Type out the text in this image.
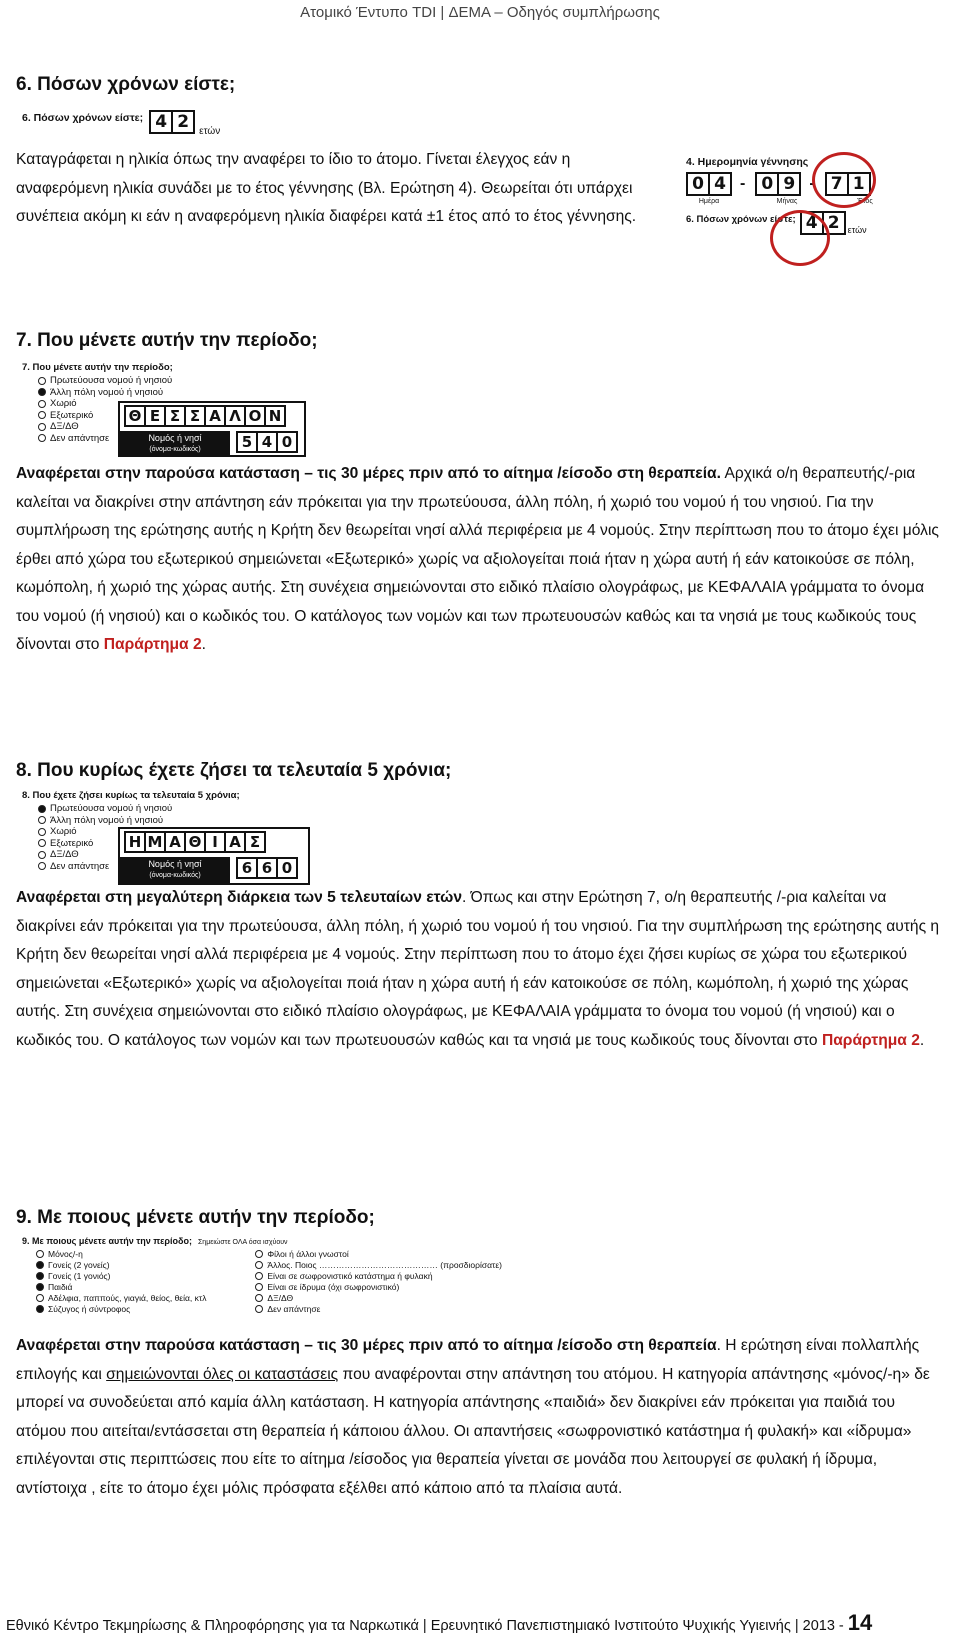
Ατομικό Έντυπο TDI | ΔΕΜΑ – Οδηγός συμπλήρωσης
6. Πόσων χρόνων είστε;
6. Πόσων χρόνων είστε; 4 2	ετών
Καταγράφεται η ηλικία όπως την αναφέρει το ίδιο το άτομο. Γίνεται έλεγχος εάν η αναφερόμενη ηλικία συνάδει με το έτος γέννησης (Βλ. Ερώτηση 4). Θεωρείται ότι υπάρχει συνέπεια ακόμη κι εάν η αναφερόμενη ηλικία διαφέρει κατά ±1 έτος από το έτος γέννησης.
4. Ημερομηνία γέννησης
0 4 - 0 9 - 7 1
Ημέρα	Μήνας	Έτος
6. Πόσων χρόνων είστε; 4 2 ετών
7. Που μένετε αυτήν την περίοδο;
7. Που μένετε αυτήν την περίοδο;
Πρωτεύουσα νομού ή νησιού
Άλλη πόλη νομού ή νησιού
Χωριό
Εξωτερικό
ΔΞ/ΔΘ
Δεν απάντησε
Θ Ε Σ Σ Α Λ Ο Ν
Νομός ή νησί
(όνομα-κωδικός)	5 4 0
Αναφέρεται στην παρούσα κατάσταση – τις 30 μέρες πριν από το αίτημα /είσοδο στη θεραπεία. Αρχικά ο/η θεραπευτής/-ρια καλείται να διακρίνει στην απάντηση εάν πρόκειται για την πρωτεύουσα, άλλη πόλη, ή χωριό του νομού ή του νησιού. Για την συμπλήρωση της ερώτησης αυτής η Κρήτη δεν θεωρείται νησί αλλά περιφέρεια με 4 νομούς. Στην περίπτωση που το άτομο έχει μόλις έρθει από χώρα του εξωτερικού σημειώνεται «Εξωτερικό» χωρίς να αξιολογείται ποιά ήταν η χώρα αυτή ή εάν κατοικούσε σε πόλη, κωμόπολη, ή χωριό της χώρας αυτής. Στη συνέχεια σημειώνονται στο ειδικό πλαίσιο ολογράφως, με ΚΕΦΑΛΑΙΑ γράμματα το όνομα του νομού (ή νησιού) και ο κωδικός του. Ο κατάλογος των νομών και των πρωτευουσών καθώς και τα νησιά με τους κωδικούς τους δίνονται στο Παράρτημα 2.
8. Που κυρίως έχετε ζήσει τα τελευταία 5 χρόνια;
8. Που έχετε ζήσει κυρίως τα τελευταία 5 χρόνια;
Πρωτεύουσα νομού ή νησιού
Άλλη πόλη νομού ή νησιού
Χωριό
Εξωτερικό
ΔΞ/ΔΘ
Δεν απάντησε
Η Μ Α Θ Ι Α Σ
Νομός ή νησί
(όνομα-κωδικός)	6 6 0
Αναφέρεται στη μεγαλύτερη διάρκεια των 5 τελευταίων ετών. Όπως και στην Ερώτηση 7, ο/η θεραπευτής /-ρια καλείται να διακρίνει εάν πρόκειται για την πρωτεύουσα, άλλη πόλη, ή χωριό του νομού ή του νησιού. Για την συμπλήρωση της ερώτησης αυτής η Κρήτη δεν θεωρείται νησί αλλά περιφέρεια με 4 νομούς. Στην περίπτωση που το άτομο έχει ζήσει κυρίως σε χώρα του εξωτερικού σημειώνεται «Εξωτερικό» χωρίς να αξιολογείται ποιά ήταν η χώρα αυτή ή εάν κατοικούσε σε πόλη, κωμόπολη, ή χωριό της χώρας αυτής. Στη συνέχεια σημειώνονται στο ειδικό πλαίσιο ολογράφως, με ΚΕΦΑΛΑΙΑ γράμματα το όνομα του νομού (ή νησιού) και ο κωδικός του. Ο κατάλογος των νομών και των πρωτευουσών καθώς και τα νησιά με τους κωδικούς τους δίνονται στο Παράρτημα 2.
9. Με ποιους μένετε αυτήν την περίοδο;
9. Με ποιους μένετε αυτήν την περίοδο; Σημειώστε ΟΛΑ όσα ισχύουν
Μόνος/-η
Γονείς (2 γονείς)
Γονείς (1 γονιός)
Παιδιά
Αδέλφια, παππούς, γιαγιά, θείος, θεία, κτλ
Σύζυγος ή σύντροφος
Φίλοι ή άλλοι γνωστοί
Άλλος. Ποιος …………………………………… (προσδιορίσατε)
Είναι σε σωφρονιστικό κατάστημα ή φυλακή
Είναι σε ίδρυμα (όχι σωφρονιστικό)
ΔΞ/ΔΘ
Δεν απάντησε
Αναφέρεται στην παρούσα κατάσταση – τις 30 μέρες πριν από το αίτημα /είσοδο στη θεραπεία. Η ερώτηση είναι πολλαπλής επιλογής και σημειώνονται όλες οι καταστάσεις που αναφέρονται στην απάντηση του ατόμου. Η κατηγορία απάντησης «μόνος/-η» δε μπορεί να συνοδεύεται από καμία άλλη κατάσταση. Η κατηγορία απάντησης «παιδιά» δεν διακρίνει εάν πρόκειται για παιδιά του ατόμου που αιτείται/εντάσσεται στη θεραπεία ή κάποιου άλλου. Οι απαντήσεις «σωφρονιστικό κατάστημα ή φυλακή» και «ίδρυμα» επιλέγονται στις περιπτώσεις που είτε το αίτημα /είσοδος για θεραπεία γίνεται σε μονάδα που λειτουργεί σε φυλακή ή ίδρυμα, αντίστοιχα , είτε το άτομο έχει μόλις πρόσφατα εξέλθει από κάποιο από τα πλαίσια αυτά.
Εθνικό Κέντρο Τεκμηρίωσης & Πληροφόρησης για τα Ναρκωτικά | Ερευνητικό Πανεπιστημιακό Ινστιτούτο Ψυχικής Υγιεινής | 2013 - 14
